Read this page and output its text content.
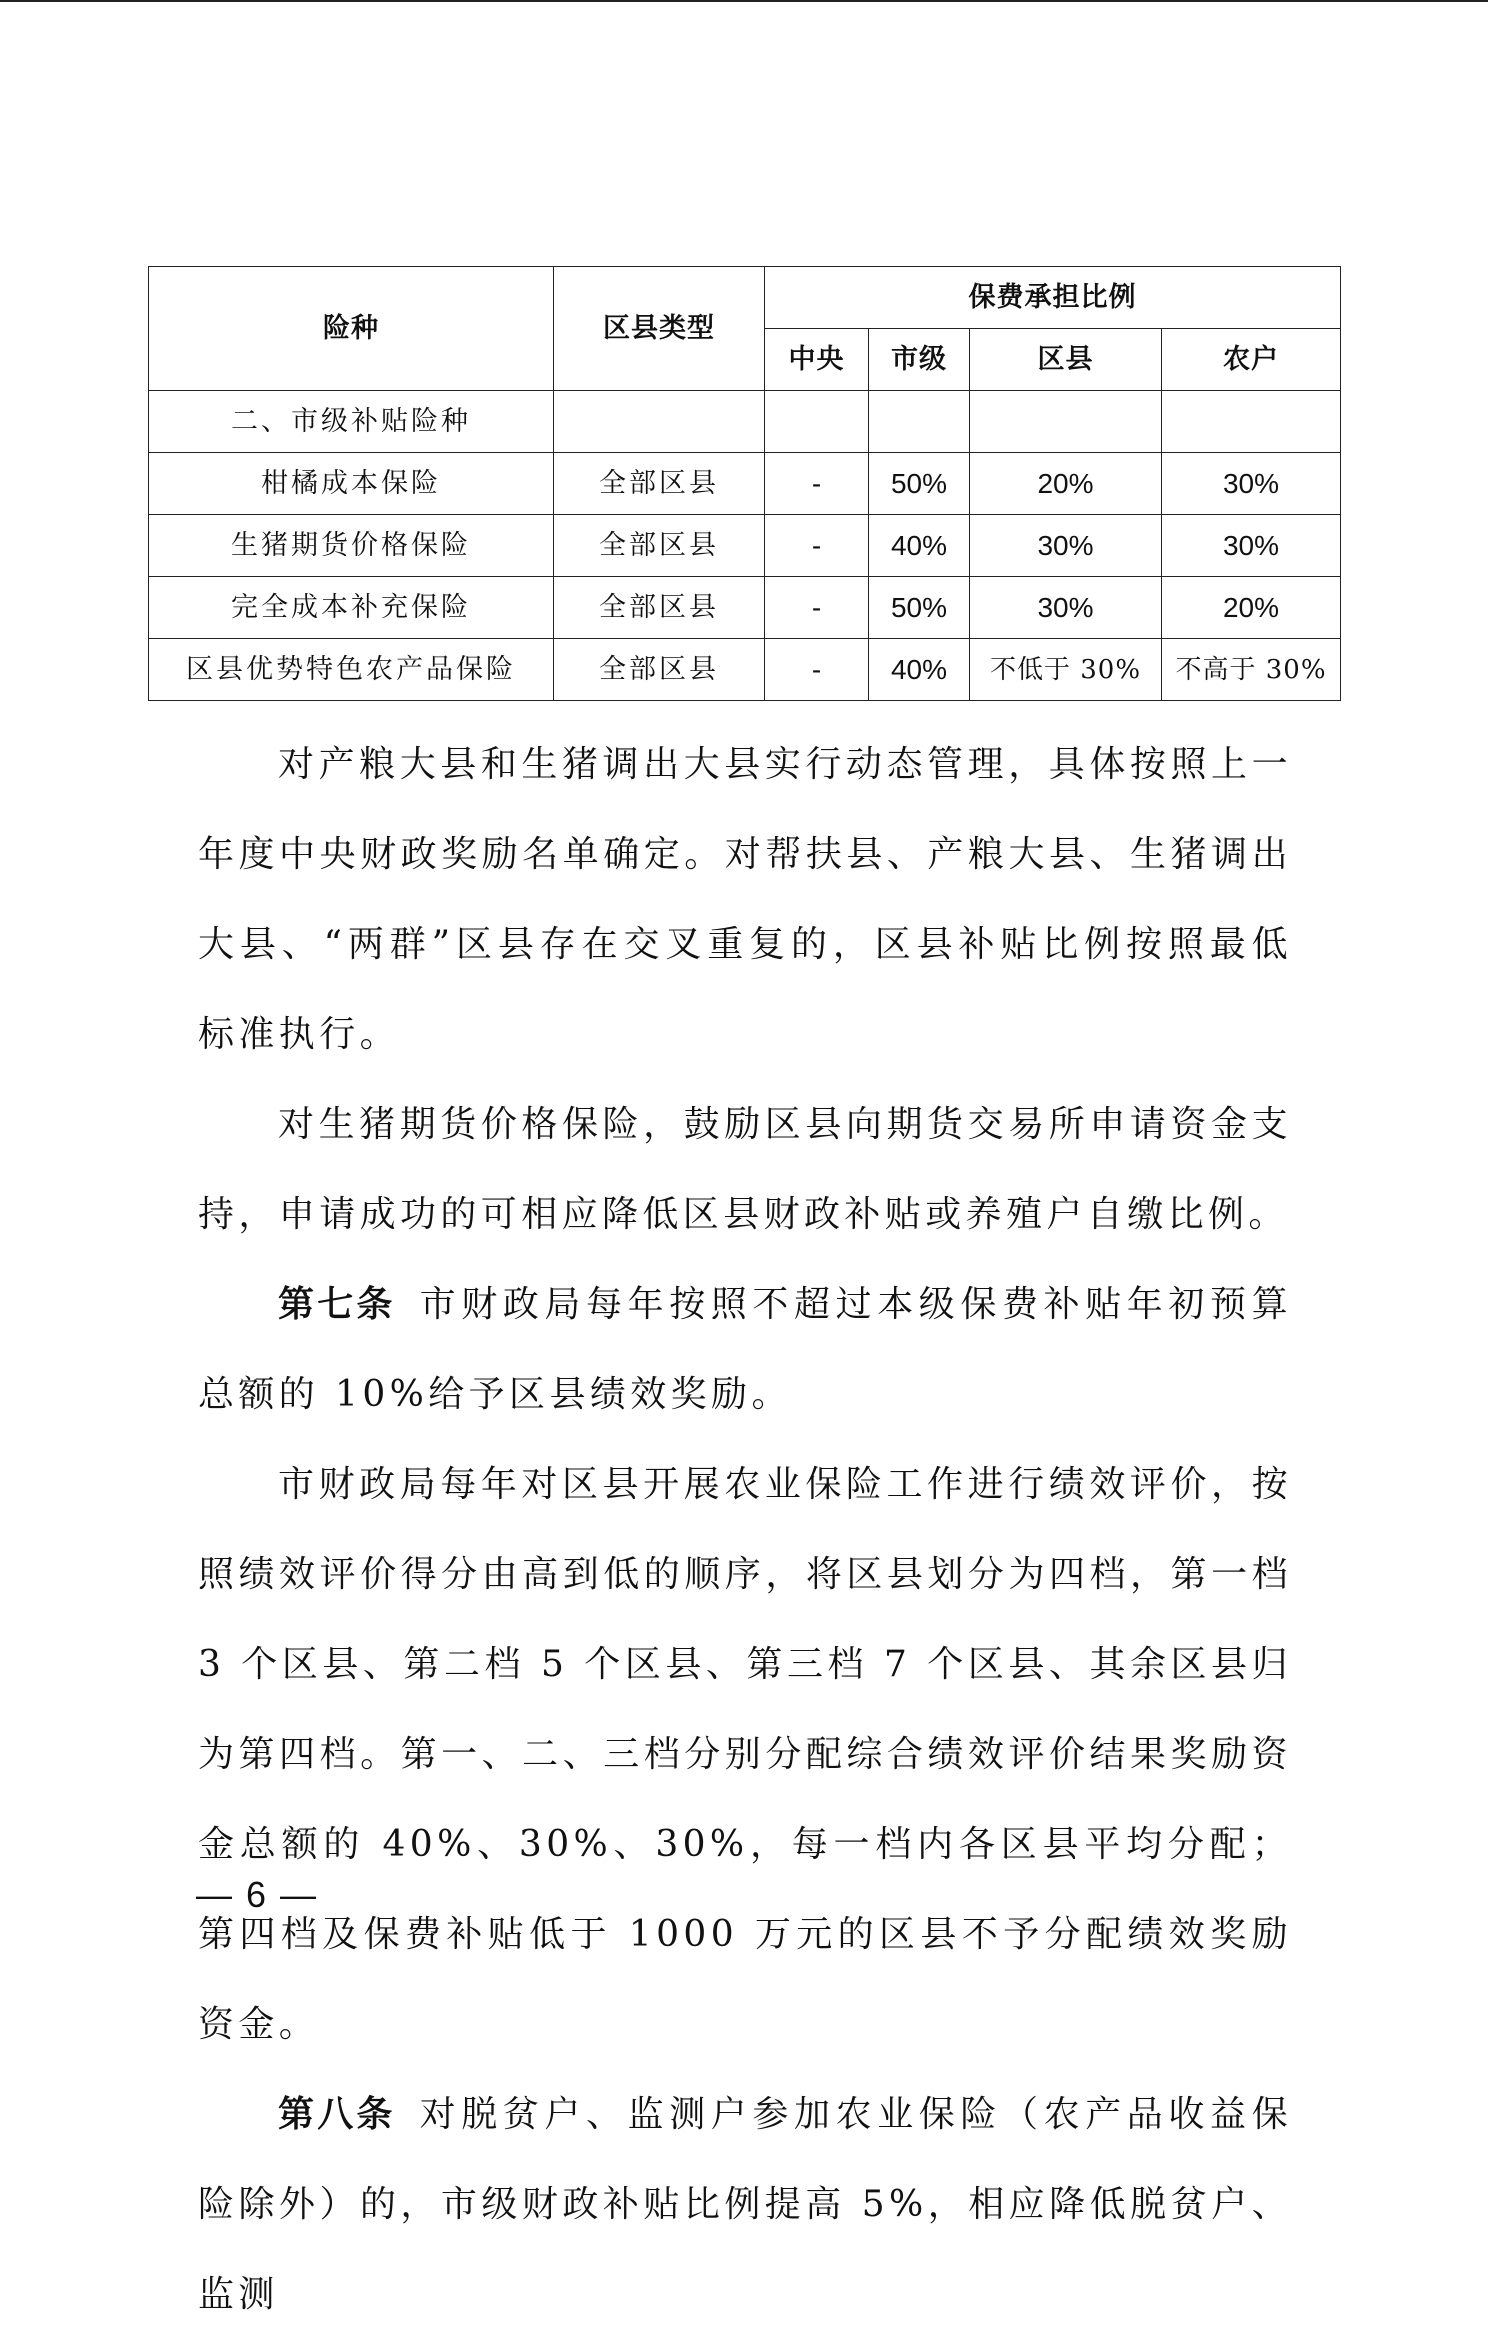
险种	区县类型	保费承担比例			
		中央	市级	区县	农户
二、市级补贴险种					
柑橘成本保险	全部区县	-	50%	20%	30%
生猪期货价格保险	全部区县	-	40%	30%	30%
完全成本补充保险	全部区县	-	50%	30%	20%
区县优势特色农产品保险	全部区县	-	40%	不低于 30%	不高于 30%

对产粮大县和生猪调出大县实行动态管理，具体按照上一年度中央财政奖励名单确定。对帮扶县、产粮大县、生猪调出大县、“两群”区县存在交叉重复的，区县补贴比例按照最低标准执行。

对生猪期货价格保险，鼓励区县向期货交易所申请资金支持，申请成功的可相应降低区县财政补贴或养殖户自缴比例。

第七条 市财政局每年按照不超过本级保费补贴年初预算总额的 10%给予区县绩效奖励。

市财政局每年对区县开展农业保险工作进行绩效评价，按照绩效评价得分由高到低的顺序，将区县划分为四档，第一档 3 个区县、第二档 5 个区县、第三档 7 个区县、其余区县归为第四档。第一、二、三档分别分配综合绩效评价结果奖励资金总额的 40%、30%、30%，每一档内各区县平均分配；第四档及保费补贴低于 1000 万元的区县不予分配绩效奖励资金。

第八条 对脱贫户、监测户参加农业保险（农产品收益保险除外）的，市级财政补贴比例提高 5%，相应降低脱贫户、监测

— 6 —
